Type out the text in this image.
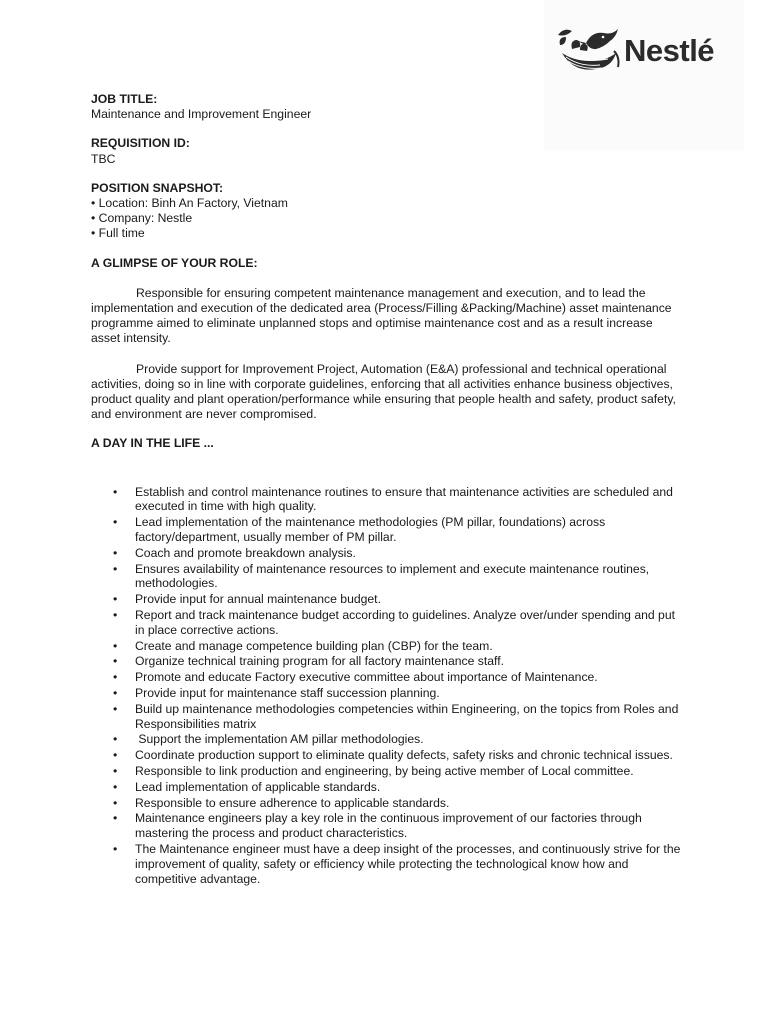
Nestlé

JOB TITLE:

Maintenance and Improvement Engineer

REQUISITION ID:

TBC

POSITION SNAPSHOT:

• Location: Binh An Factory, Vietnam

• Company: Nestle

• Full time

A GLIMPSE OF YOUR ROLE:

Responsible for ensuring competent maintenance management and execution, and to lead the implementation and execution of the dedicated area (Process/Filling &Packing/Machine) asset maintenance programme aimed to eliminate unplanned stops and optimise maintenance cost and as a result increase asset intensity.

Provide support for Improvement Project, Automation (E&A) professional and technical operational activities, doing so in line with corporate guidelines, enforcing that all activities enhance business objectives, product quality and plant operation/performance while ensuring that people health and safety, product safety, and environment are never compromised.

A DAY IN THE LIFE ...

• Establish and control maintenance routines to ensure that maintenance activities are scheduled and executed in time with high quality.
• Lead implementation of the maintenance methodologies (PM pillar, foundations) across factory/department, usually member of PM pillar.
• Coach and promote breakdown analysis.
• Ensures availability of maintenance resources to implement and execute maintenance routines, methodologies.
• Provide input for annual maintenance budget.
• Report and track maintenance budget according to guidelines. Analyze over/under spending and put in place corrective actions.
• Create and manage competence building plan (CBP) for the team.
• Organize technical training program for all factory maintenance staff.
• Promote and educate Factory executive committee about importance of Maintenance.
• Provide input for maintenance staff succession planning.
• Build up maintenance methodologies competencies within Engineering, on the topics from Roles and Responsibilities matrix
• Support the implementation AM pillar methodologies.
• Coordinate production support to eliminate quality defects, safety risks and chronic technical issues.
• Responsible to link production and engineering, by being active member of Local committee.
• Lead implementation of applicable standards.
• Responsible to ensure adherence to applicable standards.
• Maintenance engineers play a key role in the continuous improvement of our factories through mastering the process and product characteristics.
• The Maintenance engineer must have a deep insight of the processes, and continuously strive for the improvement of quality, safety or efficiency while protecting the technological know how and competitive advantage.
